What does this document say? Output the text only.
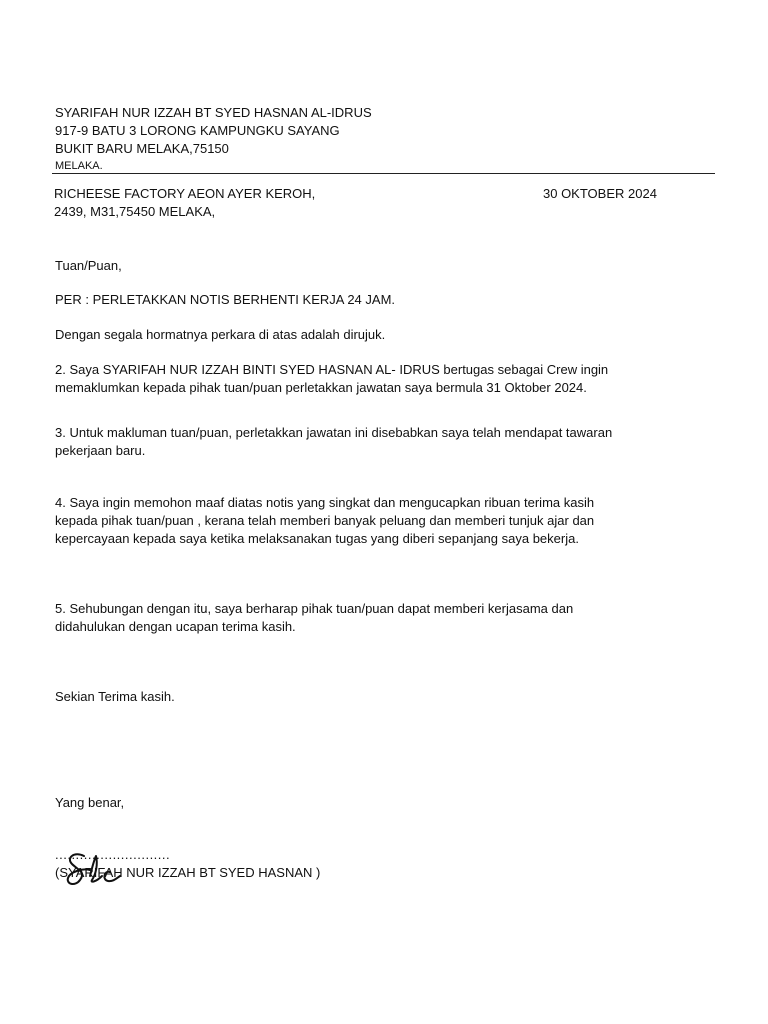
SYARIFAH NUR IZZAH BT SYED HASNAN AL-IDRUS
917-9 BATU 3 LORONG KAMPUNGKU SAYANG
BUKIT BARU MELAKA,75150
MELAKA.
RICHEESE FACTORY AEON AYER KEROH,	30 OKTOBER 2024
2439, M31,75450 MELAKA,
Tuan/Puan,
PER : PERLETAKKAN NOTIS BERHENTI KERJA 24 JAM.
Dengan segala hormatnya perkara di atas adalah dirujuk.
2. Saya SYARIFAH NUR IZZAH BINTI SYED HASNAN AL- IDRUS bertugas sebagai Crew ingin
memaklumkan kepada pihak tuan/puan perletakkan jawatan saya bermula 31 Oktober 2024.
3. Untuk makluman tuan/puan, perletakkan jawatan ini disebabkan saya telah mendapat tawaran
pekerjaan baru.
4. Saya ingin memohon maaf diatas notis yang singkat dan mengucapkan ribuan terima kasih
kepada pihak tuan/puan , kerana telah memberi banyak peluang dan memberi tunjuk ajar dan
kepercayaan kepada saya ketika melaksanakan tugas yang diberi sepanjang saya bekerja.
5. Sehubungan dengan itu, saya berharap pihak tuan/puan dapat memberi kerjasama dan
didahulukan dengan ucapan terima kasih.
Sekian Terima kasih.
Yang benar,
............................
(SYARIFAH NUR IZZAH BT SYED HASNAN )
